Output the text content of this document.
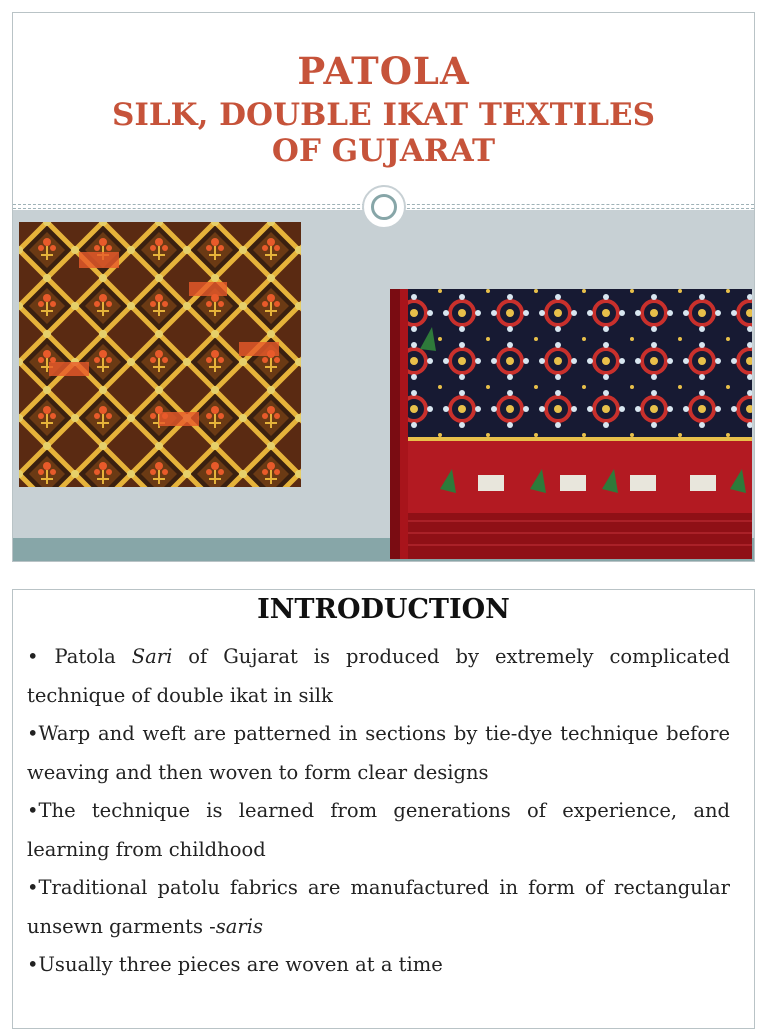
PATOLA
SILK, DOUBLE IKAT TEXTILES
OF GUJARAT
INTRODUCTION

• Patola Sari of Gujarat is produced by extremely complicated technique of double ikat in silk

•Warp and weft are patterned in sections by tie-dye technique before weaving and then woven to form clear designs

•The technique is learned from generations of experience, and learning from childhood

•Traditional patolu fabrics are manufactured in form of rectangular unsewn garments -saris

•Usually three pieces are woven at a time
